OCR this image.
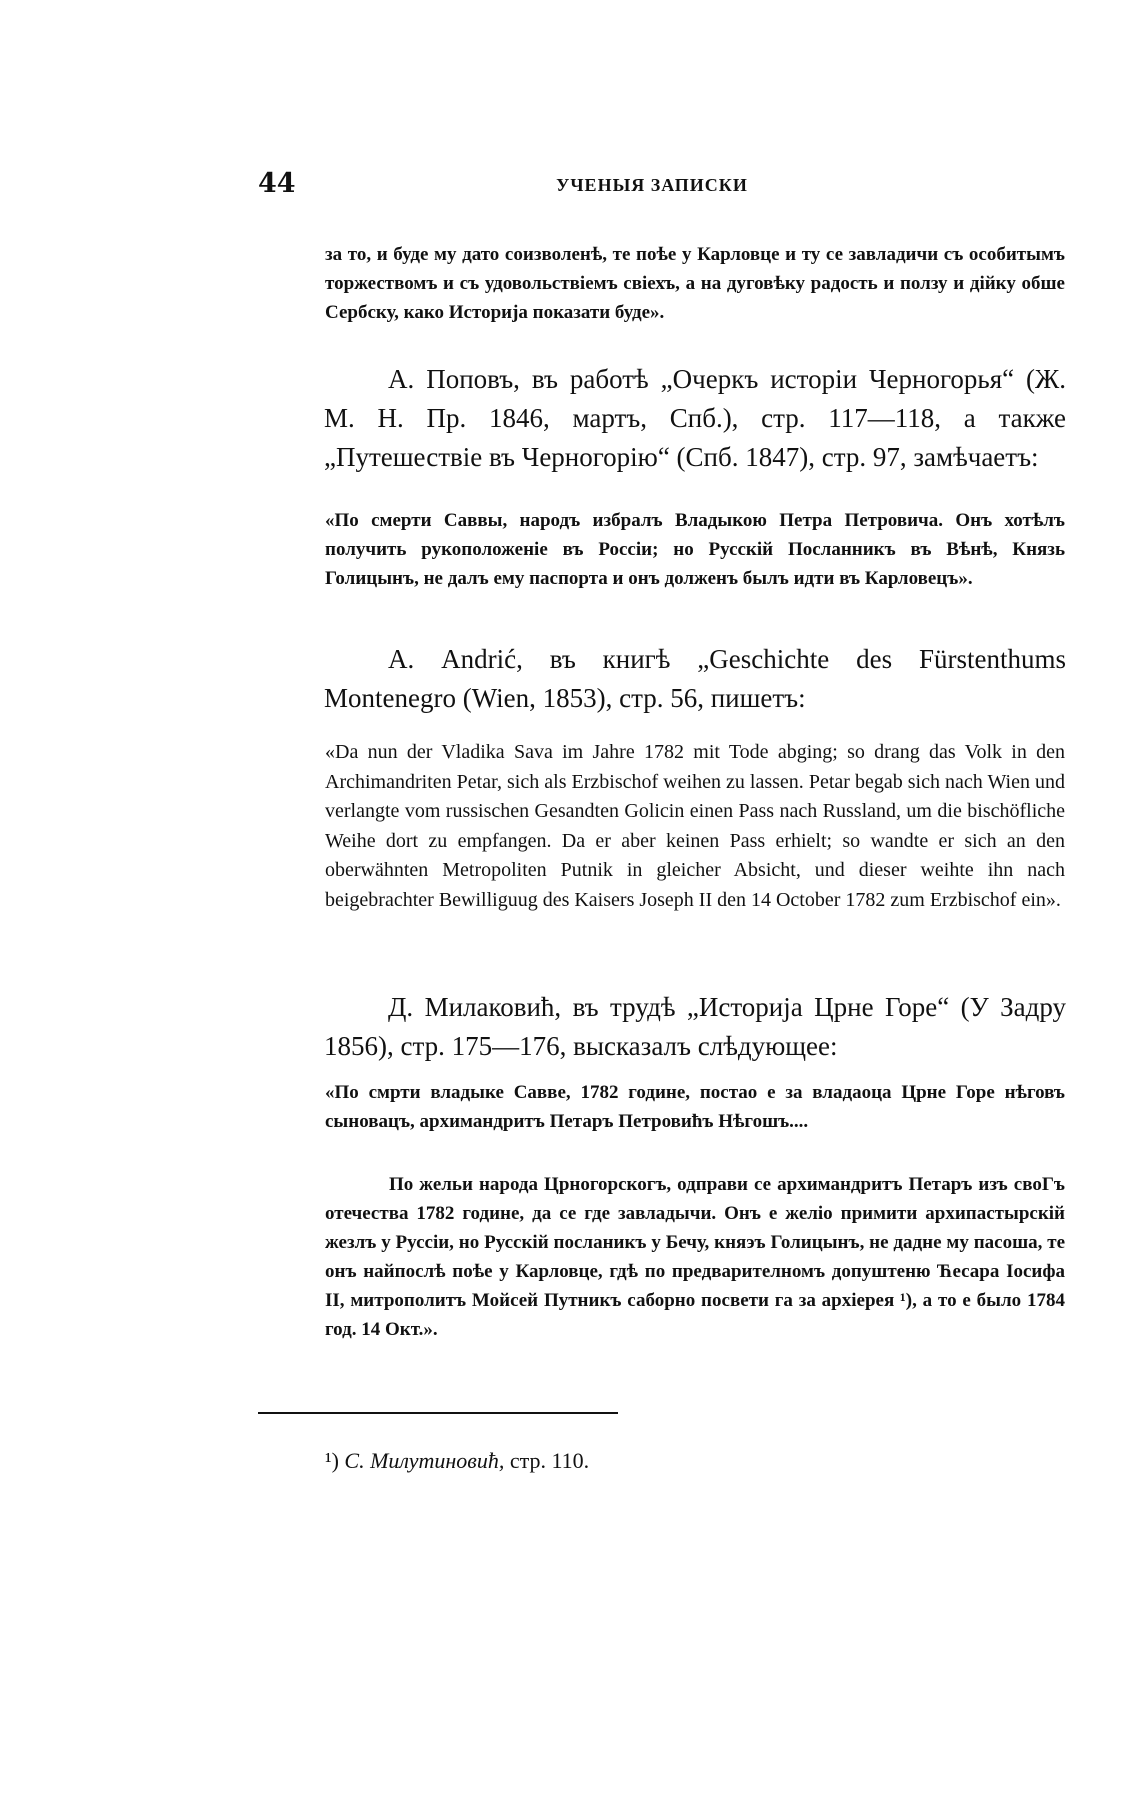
44	УЧЕНЫЯ ЗАПИСКИ

за то, и буде му дато соизволенѣ, те поѣе у Карловце и ту се завладичи съ особитымъ торжествомъ и съ удовольствіемъ свіехъ, а на дуговѣку радость и ползу и дійку обше Сербску, како Историја показати буде».

А. Поповъ, въ работѣ „Очеркъ исторіи Черногорья“ (Ж. М. Н. Пр. 1846, мартъ, Спб.), стр. 117—118, а также „Путешествіе въ Черногорію“ (Спб. 1847), стр. 97, замѣчаетъ:

«По смерти Саввы, народъ избралъ Владыкою Петра Петровича. Онъ хотѣлъ получить рукоположеніе въ Россіи; но Русскій Посланникъ въ Вѣнѣ, Князь Голицынъ, не далъ ему паспорта и онъ долженъ былъ идти въ Карловецъ».

А. Andrić, въ книгѣ „Geschichte des Fürstenthums Montenegro (Wien, 1853), стр. 56, пишетъ:

«Da nun der Vladika Sava im Jahre 1782 mit Tode abging; so drang das Volk in den Archimandriten Petar, sich als Erzbischof weihen zu lassen. Petar begab sich nach Wien und verlangte vom russischen Gesandten Golicin einen Pass nach Russland, um die bischöfliche Weihe dort zu empfangen. Da er aber keinen Pass erhielt; so wandte er sich an den oberwähnten Metropoliten Putnik in gleicher Absicht, und dieser weihte ihn nach beigebrachter Bewilliguug des Kaisers Joseph II den 14 October 1782 zum Erzbischof ein».

Д. Милаковић, въ трудѣ „Историја Црне Горе“ (У Задру 1856), стр. 175—176, высказалъ слѣдующее:

«По смрти владыке Савве, 1782 године, постао е за владаоца Црне Горе нѣговъ сыновацъ, архимандритъ Петаръ Петровићъ Нѣгошъ....

По жельи народа Црногорскогъ, одправи се архимандритъ Петаръ изъ своГъ отечества 1782 године, да се где завладычи. Онъ е желіо примити архипастырскій жезлъ у Руссіи, но Русскій посланикъ у Бечу, княэъ Голицынъ, не дадне му пасоша, те онъ найпослѣ поѣе у Карловце, гдѣ по предварителномъ допуштеню Ћесара Іосифа II, митрополитъ Мойсей Путникъ саборно посвети га за архіерея ¹), а то е было 1784 год. 14 Окт.».

¹) С. Милутиновић, стр. 110.
